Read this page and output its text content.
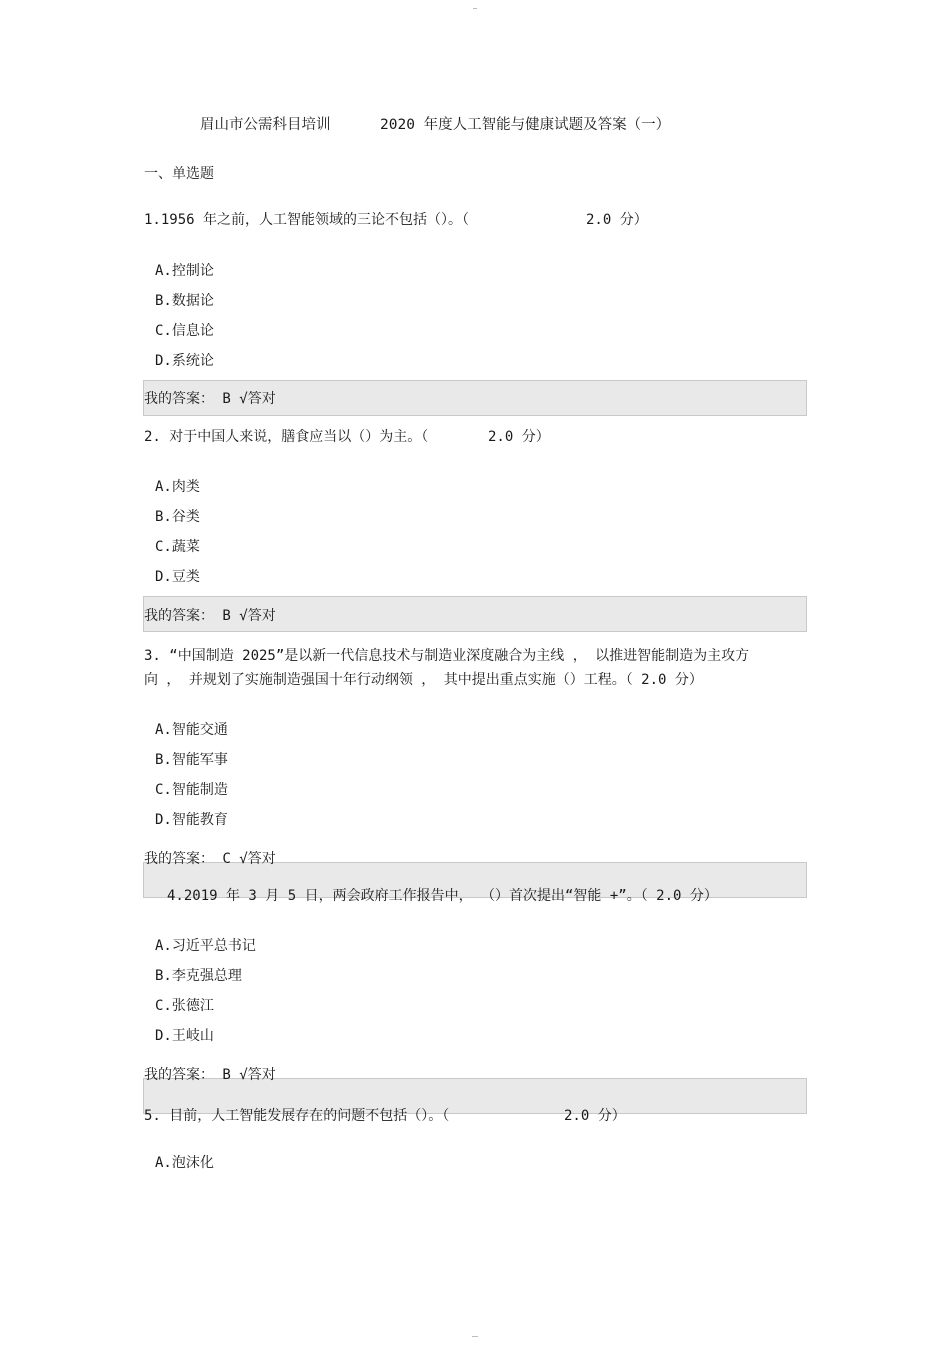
眉山市公需科目培训	2020 年度人工智能与健康试题及答案（一）
一、单选题
1.1956 年之前，人工智能领域的三论不包括（）。（	2.0 分）
A.控制论
B.数据论
C.信息论
D.系统论
我的答案： B √答对
2. 对于中国人来说，膳食应当以（）为主。（	2.0 分）
A.肉类
B.谷类
C.蔬菜
D.豆类
我的答案： B √答对
3. “中国制造 2025”是以新一代信息技术与制造业深度融合为主线 ， 以推进智能制造为主攻方
向 ， 并规划了实施制造强国十年行动纲领 ， 其中提出重点实施（）工程。（ 2.0 分）
A.智能交通
B.智能军事
C.智能制造
D.智能教育
我的答案： C √答对
4.2019 年 3 月 5 日，两会政府工作报告中， （）首次提出“智能 +”。（ 2.0 分）
A.习近平总书记
B.李克强总理
C.张德江
D.王岐山
我的答案： B √答对
5. 目前，人工智能发展存在的问题不包括（）。（	2.0 分）
A.泡沫化
